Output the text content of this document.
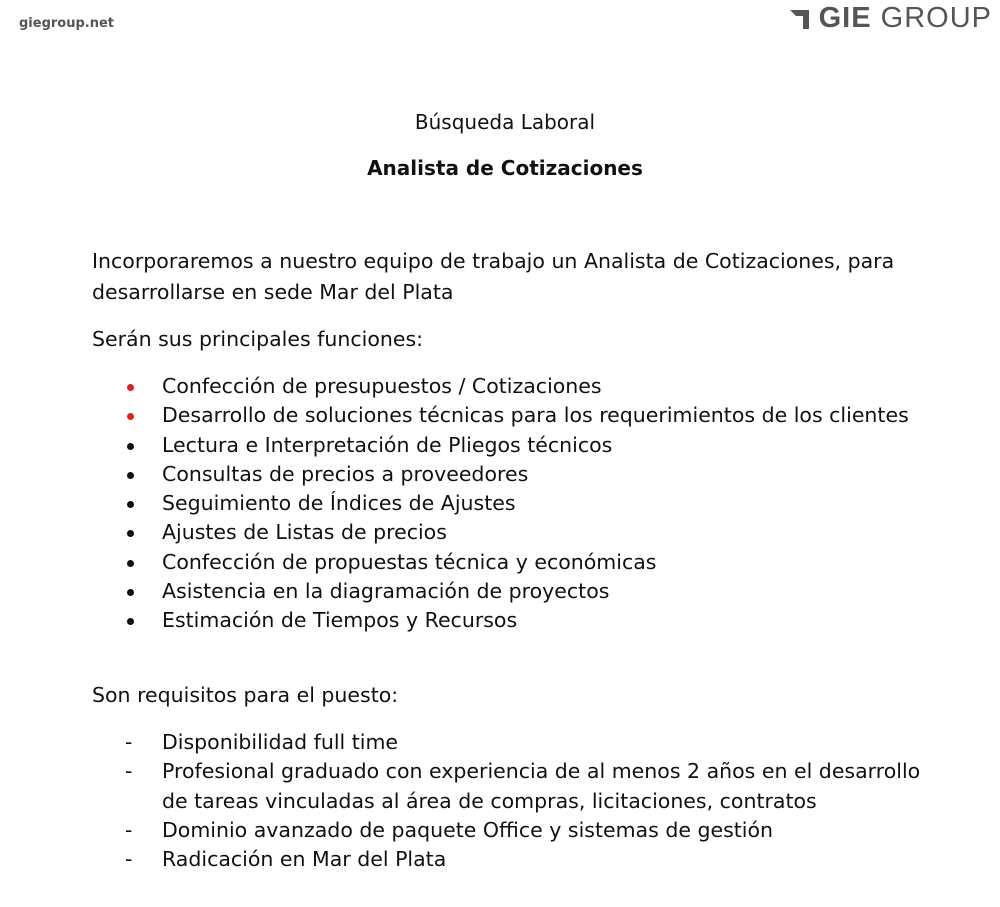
giegroup.net	GIE GROUP
Búsqueda Laboral
Analista de Cotizaciones
Incorporaremos a nuestro equipo de trabajo un Analista de Cotizaciones, para desarrollarse en sede Mar del Plata
Serán sus principales funciones:
Confección de presupuestos / Cotizaciones
Desarrollo de soluciones técnicas para los requerimientos de los clientes
Lectura e Interpretación de Pliegos técnicos
Consultas de precios a proveedores
Seguimiento de Índices de Ajustes
Ajustes de Listas de precios
Confección de propuestas técnica y económicas
Asistencia en la diagramación de proyectos
Estimación de Tiempos y Recursos
Son requisitos para el puesto:
- Disponibilidad full time
- Profesional graduado con experiencia de al menos 2 años en el desarrollo de tareas vinculadas al área de compras, licitaciones, contratos
- Dominio avanzado de paquete Office y sistemas de gestión
- Radicación en Mar del Plata
